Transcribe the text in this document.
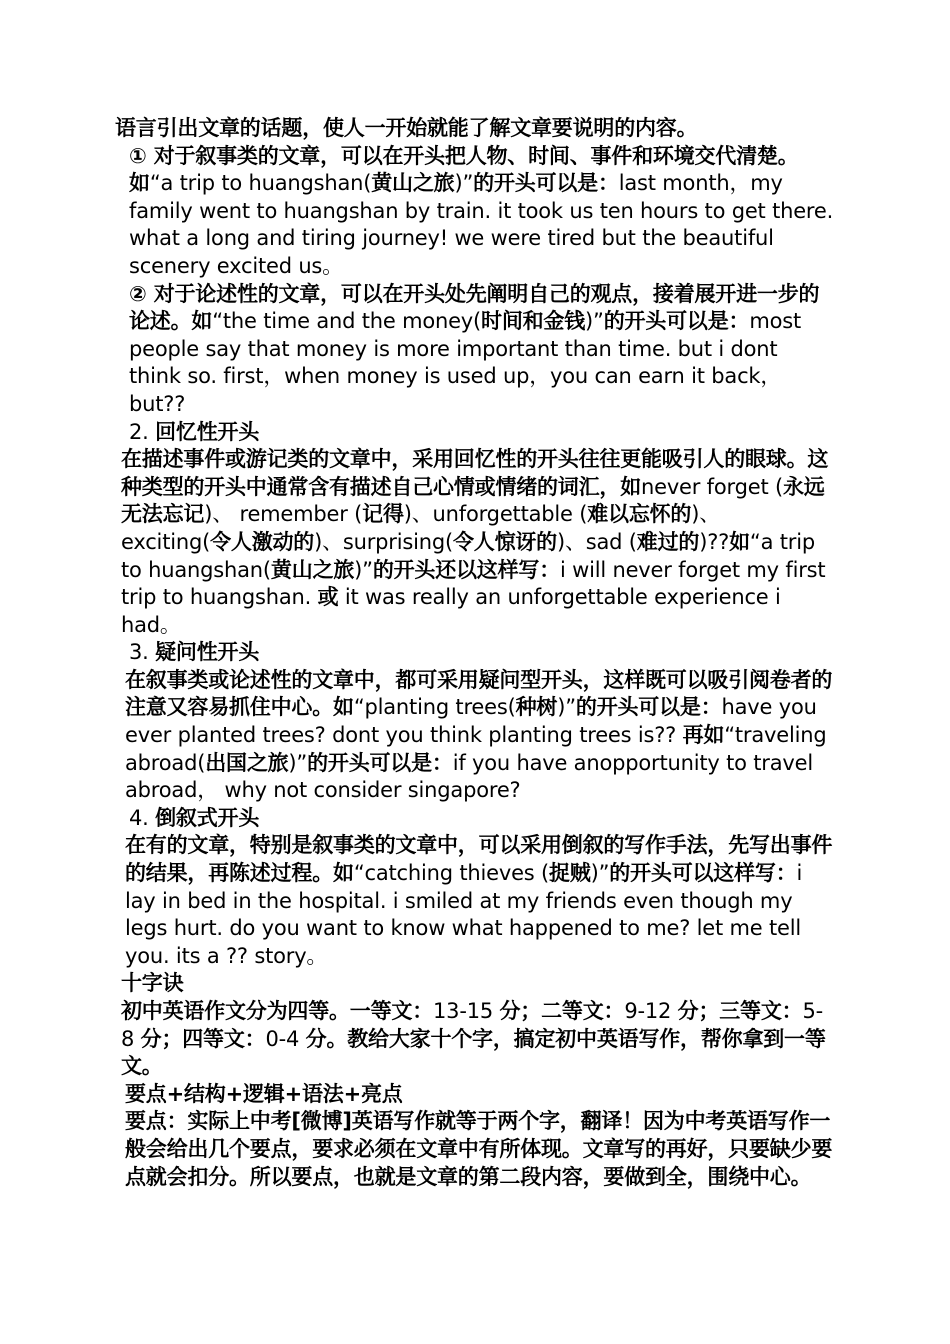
语言引出文章的话题，使人一开始就能了解文章要说明的内容。

① 对于叙事类的文章，可以在开头把人物、时间、事件和环境交代清楚。如“a trip to huangshan(黄山之旅)”的开头可以是：last month，my family went to huangshan by train. it took us ten hours to get there. what a long and tiring journey! we were tired but the beautiful scenery excited us。

② 对于论述性的文章，可以在开头处先阐明自己的观点，接着展开进一步的论述。如“the time and the money(时间和金钱)”的开头可以是：most people say that money is more important than time. but i dont think so. first，when money is used up，you can earn it back，but??

2. 回忆性开头

在描述事件或游记类的文章中，采用回忆性的开头往往更能吸引人的眼球。这种类型的开头中通常含有描述自己心情或情绪的词汇，如never forget (永远无法忘记)、 remember (记得)、unforgettable (难以忘怀的)、 exciting(令人激动的)、surprising(令人惊讶的)、sad (难过的)??如“a trip to huangshan(黄山之旅)”的开头还以这样写：i will never forget my first trip to huangshan. 或 it was really an unforgettable experience i had。

3. 疑问性开头

在叙事类或论述性的文章中，都可采用疑问型开头，这样既可以吸引阅卷者的注意又容易抓住中心。如“planting trees(种树)”的开头可以是：have you ever planted trees? dont you think planting trees is?? 再如“traveling abroad(出国之旅)”的开头可以是：if you have anopportunity to travel abroad， why not consider singapore?

4. 倒叙式开头

在有的文章，特别是叙事类的文章中，可以采用倒叙的写作手法，先写出事件的结果，再陈述过程。如“catching thieves (捉贼)”的开头可以这样写：i lay in bed in the hospital. i smiled at my friends even though my legs hurt. do you want to know what happened to me? let me tell you. its a ?? story。

十字诀

初中英语作文分为四等。一等文：13-15 分；二等文：9-12 分；三等文：5-8 分；四等文：0-4 分。教给大家十个字，搞定初中英语写作，帮你拿到一等文。

要点+结构+逻辑+语法+亮点

要点：实际上中考[微博]英语写作就等于两个字，翻译！因为中考英语写作一般会给出几个要点，要求必须在文章中有所体现。文章写的再好，只要缺少要点就会扣分。所以要点，也就是文章的第二段内容，要做到全，围绕中心。
